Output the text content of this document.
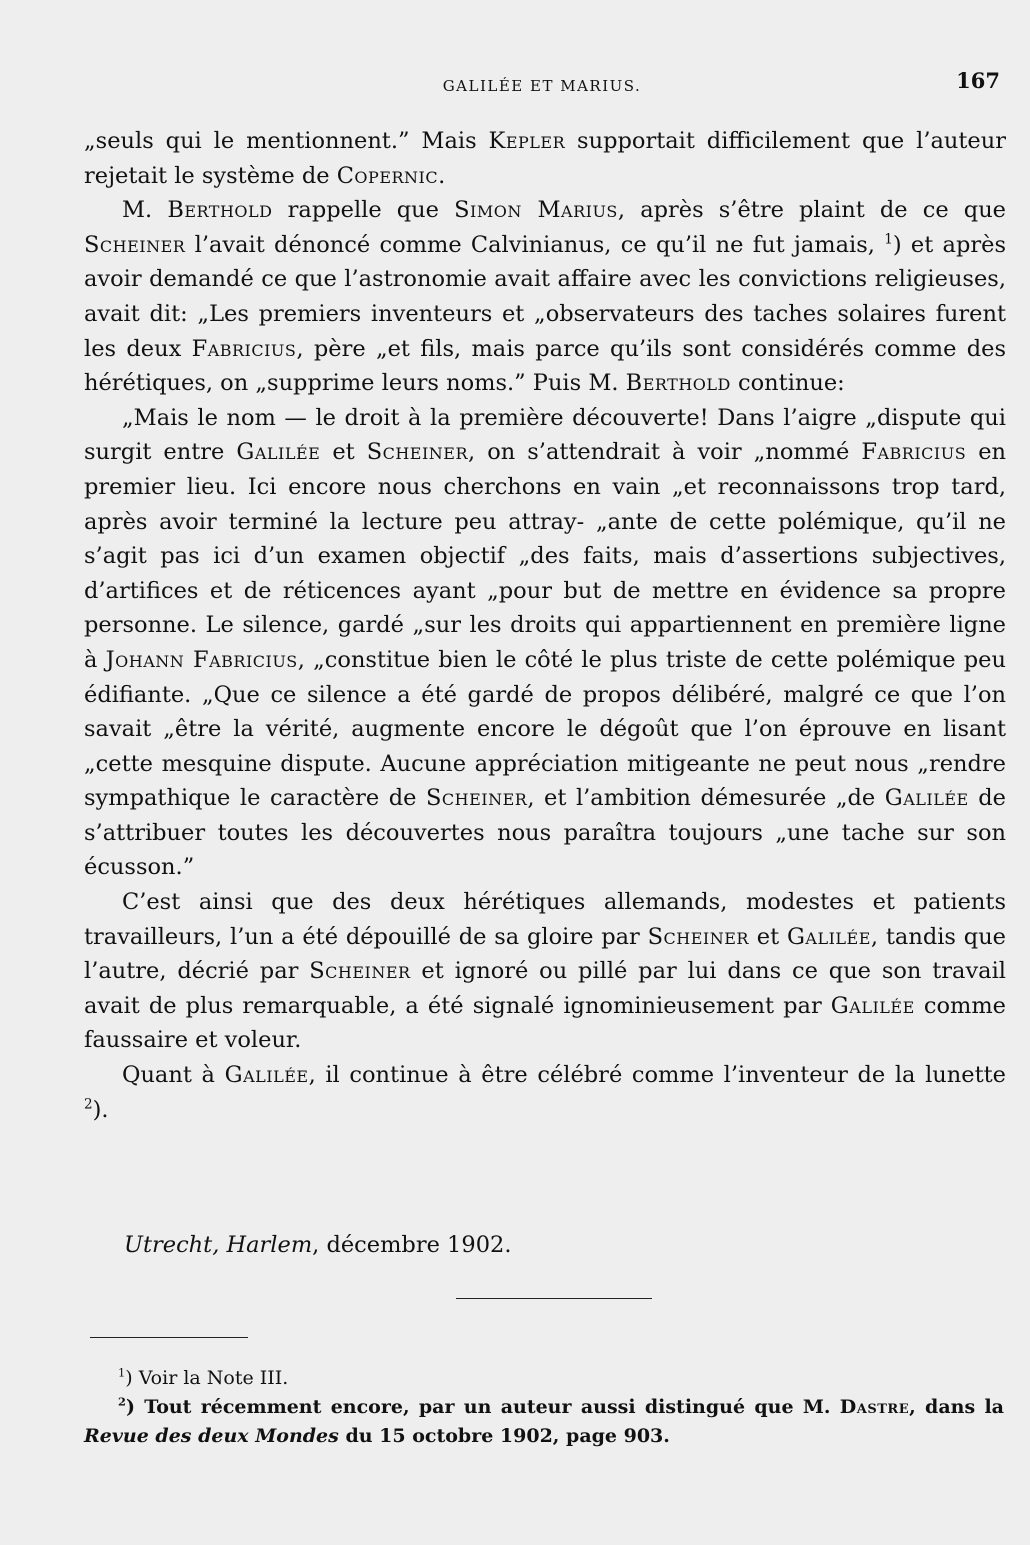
GALILÉE ET MARIUS.	167

„seuls qui le mentionnent.” Mais Kepler supportait difficilement que l’auteur rejetait le système de Copernic.

M. Berthold rappelle que Simon Marius, après s’être plaint de ce que Scheiner l’avait dénoncé comme Calvinianus, ce qu’il ne fut jamais, $^1$) et après avoir demandé ce que l’astronomie avait affaire avec les convictions religieuses, avait dit: „Les premiers inventeurs et „observateurs des taches solaires furent les deux Fabricius, père „et fils, mais parce qu’ils sont considérés comme des hérétiques, on „supprime leurs noms.” Puis M. Berthold continue:

„Mais le nom — le droit à la première découverte! Dans l’aigre „dispute qui surgit entre Galilée et Scheiner, on s’attendrait à voir „nommé Fabricius en premier lieu. Ici encore nous cherchons en vain „et reconnaissons trop tard, après avoir terminé la lecture peu attray- „ante de cette polémique, qu’il ne s’agit pas ici d’un examen objectif „des faits, mais d’assertions subjectives, d’artifices et de réticences ayant „pour but de mettre en évidence sa propre personne. Le silence, gardé „sur les droits qui appartiennent en première ligne à Johann Fabricius, „constitue bien le côté le plus triste de cette polémique peu édifiante. „Que ce silence a été gardé de propos délibéré, malgré ce que l’on savait „être la vérité, augmente encore le dégoût que l’on éprouve en lisant „cette mesquine dispute. Aucune appréciation mitigeante ne peut nous „rendre sympathique le caractère de Scheiner, et l’ambition démesurée „de Galilée de s’attribuer toutes les découvertes nous paraîtra toujours „une tache sur son écusson.”

C’est ainsi que des deux hérétiques allemands, modestes et patients travailleurs, l’un a été dépouillé de sa gloire par Scheiner et Galilée, tandis que l’autre, décrié par Scheiner et ignoré ou pillé par lui dans ce que son travail avait de plus remarquable, a été signalé ignominieusement par Galilée comme faussaire et voleur.

Quant à Galilée, il continue à être célébré comme l’inventeur de la lunette $^2$).

Utrecht, Harlem, décembre 1902.

$^1$) Voir la Note III.

$^2$) Tout récemment encore, par un auteur aussi distingué que M. Dastre, dans la Revue des deux Mondes du 15 octobre 1902, page 903.
